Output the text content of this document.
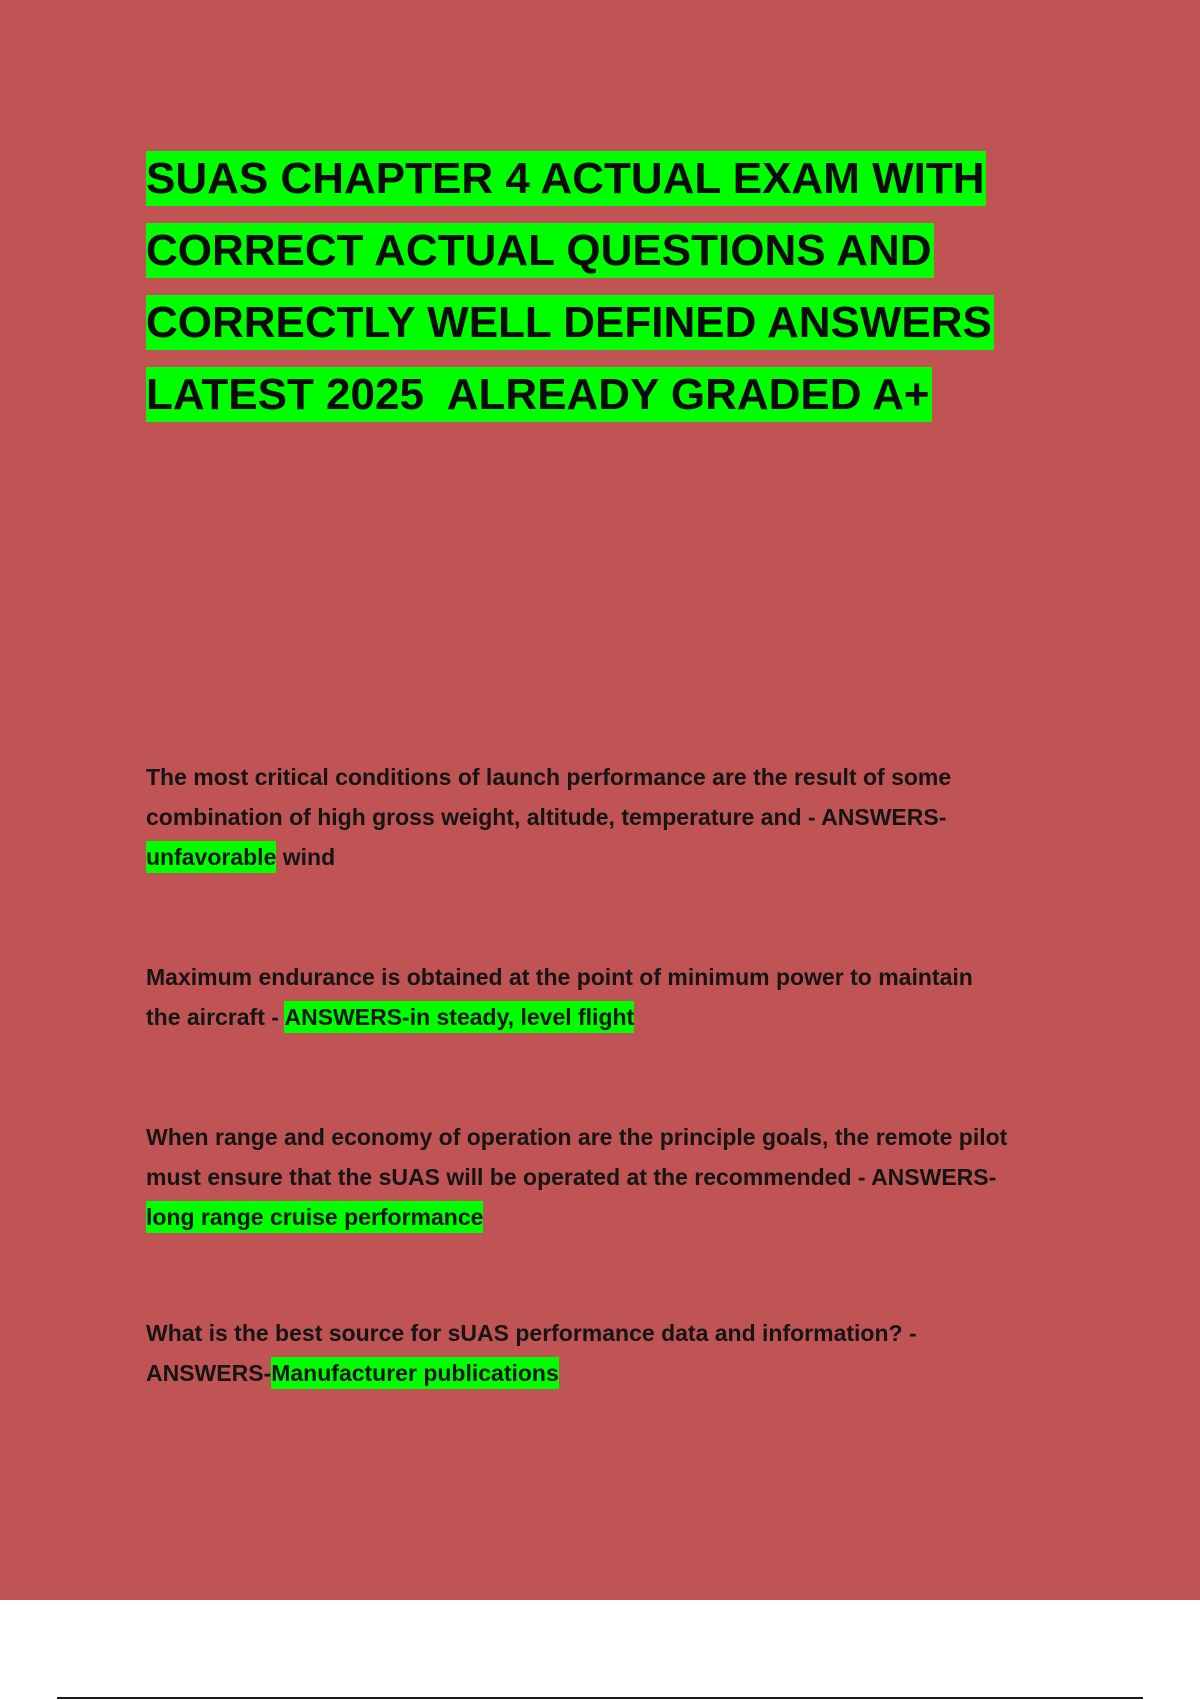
SUAS CHAPTER 4 ACTUAL EXAM WITH
CORRECT ACTUAL QUESTIONS AND
CORRECTLY WELL DEFINED ANSWERS
LATEST 2025  ALREADY GRADED A+

The most critical conditions of launch performance are the result of some
combination of high gross weight, altitude, temperature and - ANSWERS-
unfavorable wind

Maximum endurance is obtained at the point of minimum power to maintain
the aircraft - ANSWERS-in steady, level flight

When range and economy of operation are the principle goals, the remote pilot
must ensure that the sUAS will be operated at the recommended - ANSWERS-
long range cruise performance

What is the best source for sUAS performance data and information? -
ANSWERS-Manufacturer publications
